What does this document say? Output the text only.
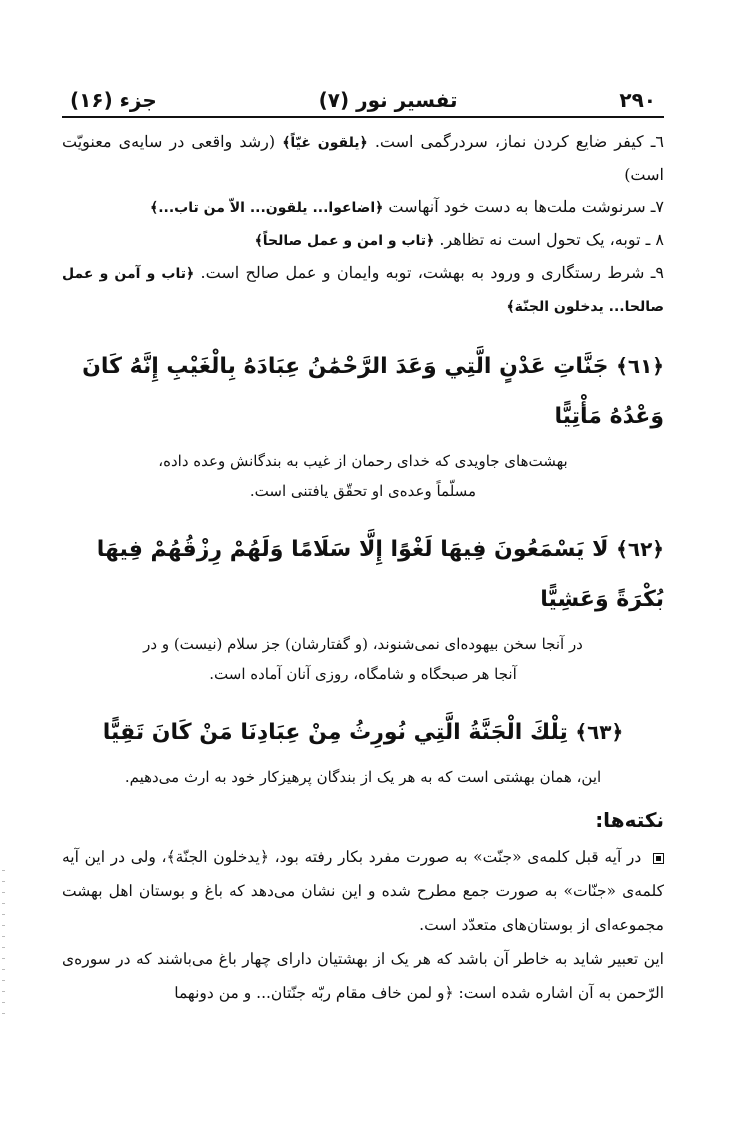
۲۹۰
تفسیر نور (۷)
جزء (۱۶)

٦ـ کیفر ضایع کردن نماز، سردرگمی است. ﴿یلقون غیّاً﴾ (رشد واقعی در سایه‌ی معنویّت است)

٧ـ سرنوشت ملت‌ها به دست خود آنهاست ﴿اضاعوا... یلقون... الاّ من تاب...﴾

٨ ـ توبه، یک تحول است نه تظاهر. ﴿تاب و امن و عمل صالحاً﴾

٩ـ شرط رستگاری و ورود به بهشت، توبه وایمان و عمل صالح است. ﴿تاب و آمن و عمل صالحا... یدخلون الجنّة﴾

﴿٦١﴾ جَنَّاتِ عَدْنٍ الَّتِي وَعَدَ الرَّحْمَٰنُ عِبَادَهُ بِالْغَيْبِ إِنَّهُ كَانَ وَعْدُهُ مَأْتِيًّا

بهشت‌های جاویدی که خدای رحمان از غیب به بندگانش وعده داده،
مسلّماً وعده‌ی او تحقّق یافتنی است.

﴿٦٢﴾ لَا يَسْمَعُونَ فِيهَا لَغْوًا إِلَّا سَلَامًا وَلَهُمْ رِزْقُهُمْ فِيهَا بُكْرَةً وَعَشِيًّا

در آنجا سخن بیهوده‌ای نمی‌شنوند، (و گفتارشان) جز سلام (نیست) و در
آنجا هر صبحگاه و شامگاه، روزی آنان آماده است.

﴿٦٣﴾ تِلْكَ الْجَنَّةُ الَّتِي نُورِثُ مِنْ عِبَادِنَا مَنْ كَانَ تَقِيًّا

این، همان بهشتی است که به هر یک از بندگان پرهیزکار خود به ارث می‌دهیم.
نکته‌ها:

در آیه قبل کلمه‌ی «جنّت» به صورت مفرد بکار رفته بود، ﴿یدخلون الجنّة﴾، ولی در این آیه کلمه‌ی «جنّات» به صورت جمع مطرح شده و این نشان می‌دهد که باغ و بوستان اهل بهشت مجموعه‌ای از بوستان‌های متعدّد است.

این تعبیر شاید به خاطر آن باشد که هر یک از بهشتیان دارای چهار باغ می‌باشند که در سوره‌ی الرّحمن به آن اشاره شده است: ﴿و لمن خاف مقام ربّه جنّتان... و من دونهما
